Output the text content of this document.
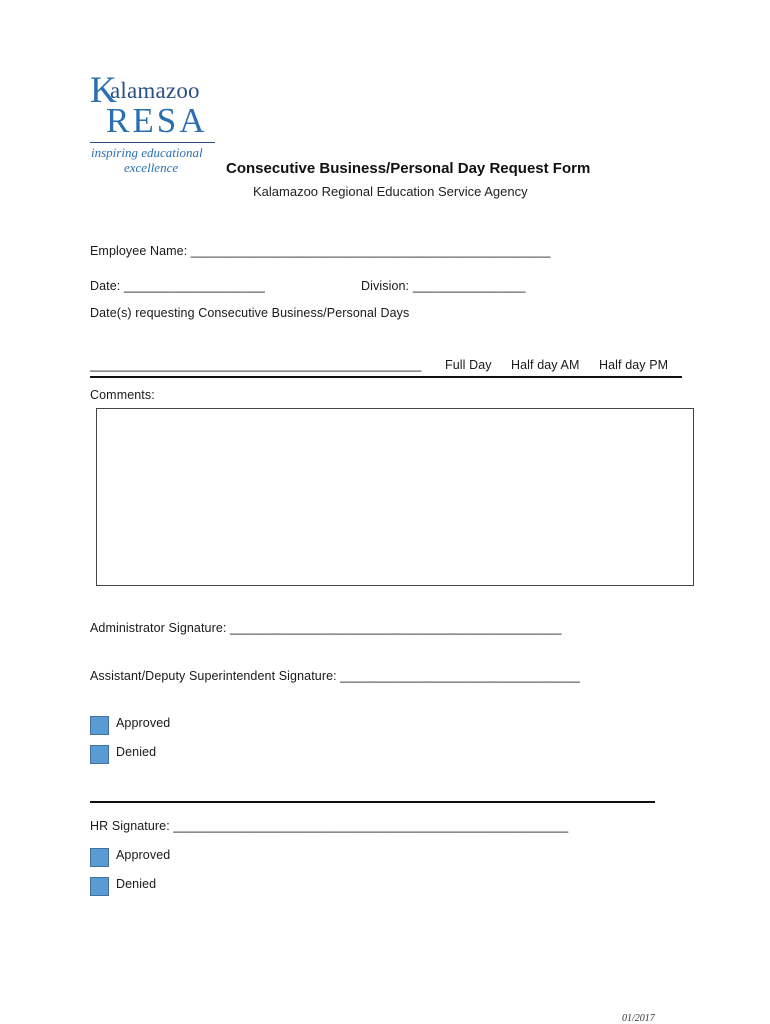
K
alamazoo
RESA
inspiring educational
excellence	Consecutive Business/Personal Day Request Form
Kalamazoo Regional Education Service Agency
Employee Name: ___________________________________________________
Date: ____________________	Division: ________________
Date(s) requesting Consecutive Business/Personal Days
_______________________________________________ Full Day Half day AM Half day PM
Comments:
Administrator Signature: _______________________________________________
Assistant/Deputy Superintendent Signature: __________________________________
Approved
Denied
HR Signature: ________________________________________________________
Approved
Denied
01/2017
